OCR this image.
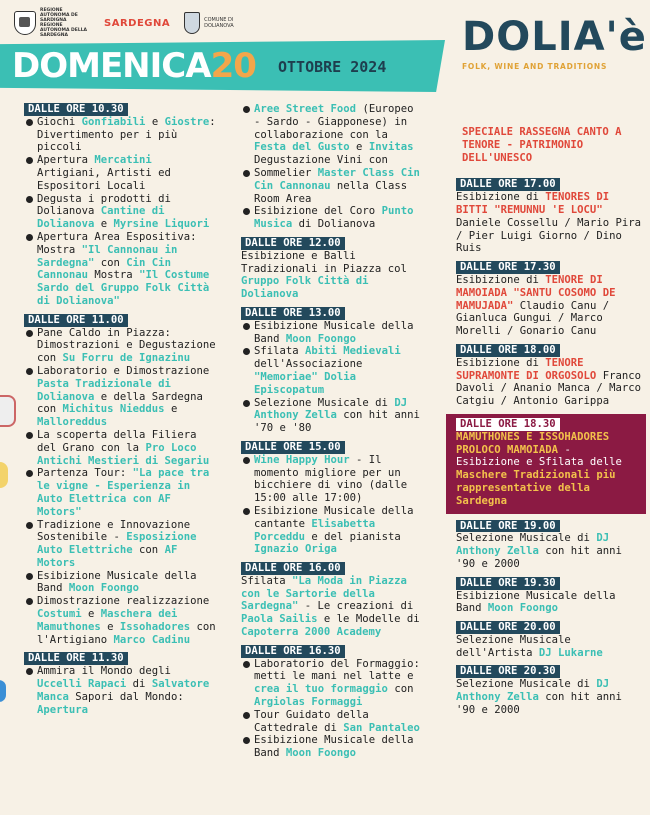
REGIONE AUTÒNOMA DE SARDIGNA REGIONE AUTONOMA DELLA SARDEGNA
SARDEGNA	COMUNE DI DOLIANOVA
DOMENICA20 OTTOBRE 2024
DOLIA'è
FOLK, WINE AND TRADITIONS
DALLE ORE 10.30
Giochi Gonfiabili e Giostre: Divertimento per i più piccoli
Apertura Mercatini Artigiani, Artisti ed Espositori Locali
Degusta i prodotti di Dolianova Cantine di Dolianova e Myrsine Liquori
Apertura Area Espositiva: Mostra "Il Cannonau in Sardegna" con Cin Cin Cannonau Mostra "Il Costume Sardo del Gruppo Folk Città di Dolianova"
DALLE ORE 11.00
Pane Caldo in Piazza: Dimostrazioni e Degustazione con Su Forru de Ignazinu
Laboratorio e Dimostrazione Pasta Tradizionale di Dolianova e della Sardegna con Michitus Nieddus e Malloreddus
La scoperta della Filiera del Grano con la Pro Loco Antichi Mestieri di Segariu
Partenza Tour: "La pace tra le vigne - Esperienza in Auto Elettrica con AF Motors"
Tradizione e Innovazione Sostenibile - Esposizione Auto Elettriche con AF Motors
Esibizione Musicale della Band Moon Foongo
Dimostrazione realizzazione Costumi e Maschera dei Mamuthones e Issohadores con l'Artigiano Marco Cadinu
DALLE ORE 11.30
Ammira il Mondo degli Uccelli Rapaci di Salvatore Manca Sapori dal Mondo: Apertura
Aree Street Food (Europeo - Sardo - Giapponese) in collaborazione con la Festa del Gusto e Invitas Degustazione Vini con
Sommelier Master Class Cin Cin Cannonau nella Class Room Area
Esibizione del Coro Punto Musica di Dolianova
DALLE ORE 12.00
Esibizione e Balli Tradizionali in Piazza col Gruppo Folk Città di Dolianova
DALLE ORE 13.00
Esibizione Musicale della Band Moon Foongo
Sfilata Abiti Medievali dell'Associazione "Memoriae" Dolia Episcopatum
Selezione Musicale di DJ Anthony Zella con hit anni '70 e '80
DALLE ORE 15.00
Wine Happy Hour - Il momento migliore per un bicchiere di vino (dalle 15:00 alle 17:00)
Esibizione Musicale della cantante Elisabetta Porceddu e del pianista Ignazio Origa
DALLE ORE 16.00
Sfilata "La Moda in Piazza con le Sartorie della Sardegna" - Le creazioni di Paola Sailis e le Modelle di Capoterra 2000 Academy
DALLE ORE 16.30
Laboratorio del Formaggio: metti le mani nel latte e crea il tuo formaggio con Argiolas Formaggi
Tour Guidato della Cattedrale di San Pantaleo
Esibizione Musicale della Band Moon Foongo
SPECIALE RASSEGNA CANTO A TENORE - PATRIMONIO DELL'UNESCO
DALLE ORE 17.00
Esibizione di TENORES DI BITTI "REMUNNU 'E LOCU" Daniele Cossellu / Mario Pira / Pier Luigi Giorno / Dino Ruis
DALLE ORE 17.30
Esibizione di TENORE DI MAMOIADA "SANTU COSOMO DE MAMUJADA" Claudio Canu / Gianluca Gungui / Marco Morelli / Gonario Canu
DALLE ORE 18.00
Esibizione di TENORE SUPRAMONTE DI ORGOSOLO Franco Davoli / Ananio Manca / Marco Catgiu / Antonio Garippa
DALLE ORE 18.30
MAMUTHONES E ISSOHADORES PROLOCO MAMOIADA - Esibizione e Sfilata delle Maschere Tradizionali più rappresentative della Sardegna
DALLE ORE 19.00
Selezione Musicale di DJ Anthony Zella con hit anni '90 e 2000
DALLE ORE 19.30
Esibizione Musicale della Band Moon Foongo
DALLE ORE 20.00
Selezione Musicale dell'Artista DJ Lukarne
DALLE ORE 20.30
Selezione Musicale di DJ Anthony Zella con hit anni '90 e 2000
